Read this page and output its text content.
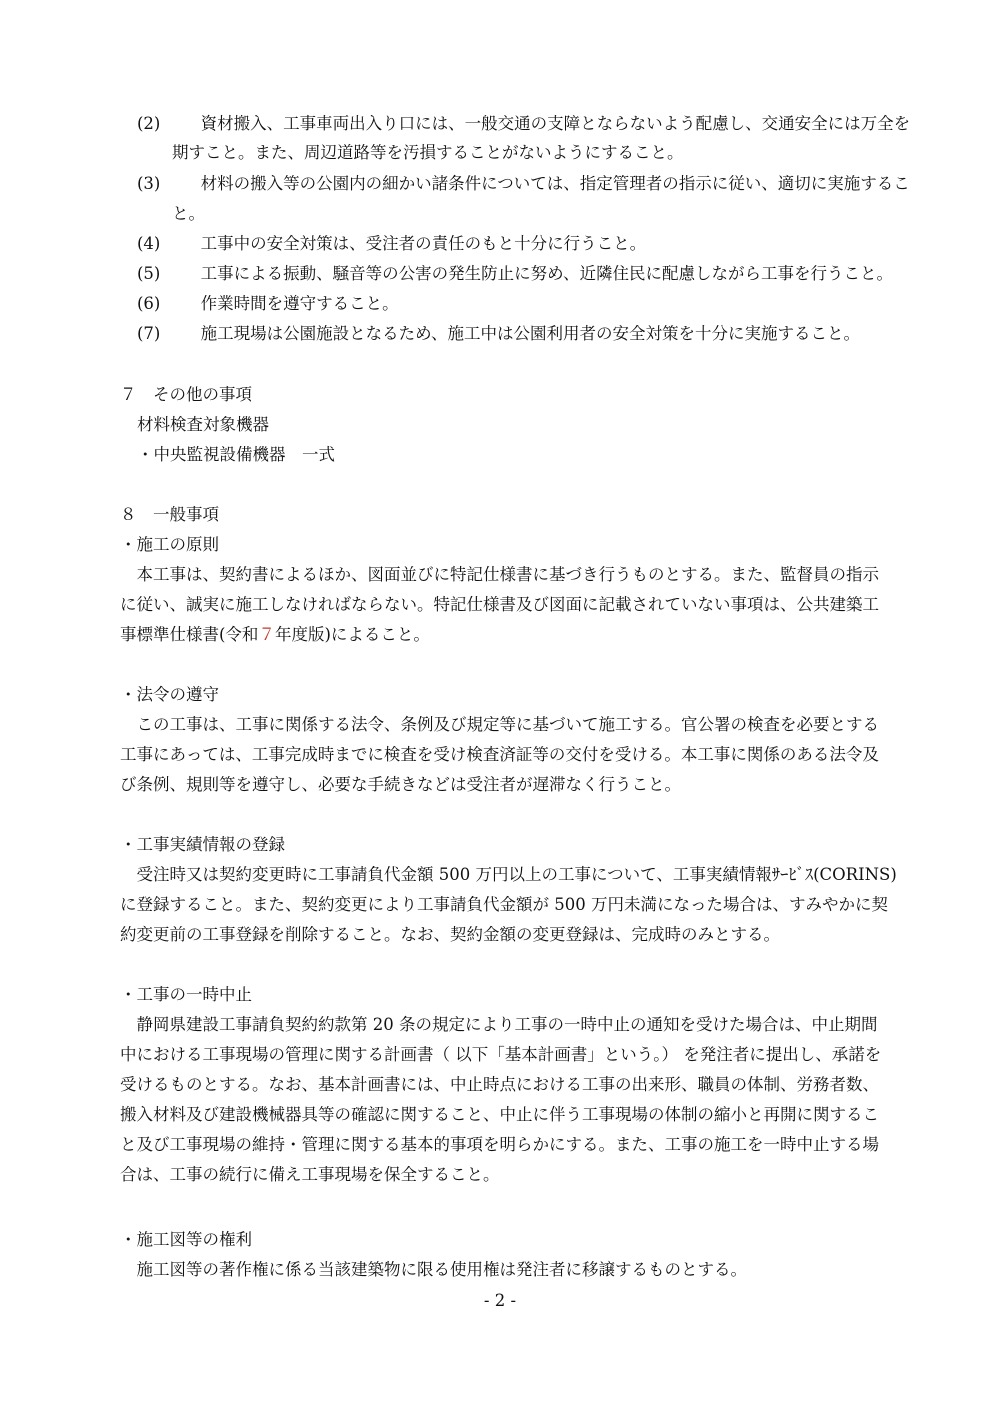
(2) 資材搬入、工事車両出入り口には、一般交通の支障とならないよう配慮し、交通安全には万全を
期すこと。また、周辺道路等を汚損することがないようにすること。
(3) 材料の搬入等の公園内の細かい諸条件については、指定管理者の指示に従い、適切に実施するこ
と。
(4) 工事中の安全対策は、受注者の責任のもと十分に行うこと。
(5) 工事による振動、騒音等の公害の発生防止に努め、近隣住民に配慮しながら工事を行うこと。
(6) 作業時間を遵守すること。
(7) 施工現場は公園施設となるため、施工中は公園利用者の安全対策を十分に実施すること。
７　その他の事項
材料検査対象機器
・中央監視設備機器　一式
８　一般事項
・施工の原則
　本工事は、契約書によるほか、図面並びに特記仕様書に基づき行うものとする。また、監督員の指示
に従い、誠実に施工しなければならない。特記仕様書及び図面に記載されていない事項は、公共建築工
事標準仕様書(令和７年度版)によること。
・法令の遵守
　この工事は、工事に関係する法令、条例及び規定等に基づいて施工する。官公署の検査を必要とする
工事にあっては、工事完成時までに検査を受け検査済証等の交付を受ける。本工事に関係のある法令及
び条例、規則等を遵守し、必要な手続きなどは受注者が遅滞なく行うこと。
・工事実績情報の登録
　受注時又は契約変更時に工事請負代金額 500 万円以上の工事について、工事実績情報ｻｰﾋﾞｽ(CORINS)
に登録すること。また、契約変更により工事請負代金額が 500 万円未満になった場合は、すみやかに契
約変更前の工事登録を削除すること。なお、契約金額の変更登録は、完成時のみとする。
・工事の一時中止
　静岡県建設工事請負契約約款第 20 条の規定により工事の一時中止の通知を受けた場合は、中止期間
中における工事現場の管理に関する計画書（ 以下「基本計画書」という。） を発注者に提出し、承諾を
受けるものとする。なお、基本計画書には、中止時点における工事の出来形、職員の体制、労務者数、
搬入材料及び建設機械器具等の確認に関すること、中止に伴う工事現場の体制の縮小と再開に関するこ
と及び工事現場の維持・管理に関する基本的事項を明らかにする。また、工事の施工を一時中止する場
合は、工事の続行に備え工事現場を保全すること。
・施工図等の権利
　施工図等の著作権に係る当該建築物に限る使用権は発注者に移譲するものとする。
- 2 -
